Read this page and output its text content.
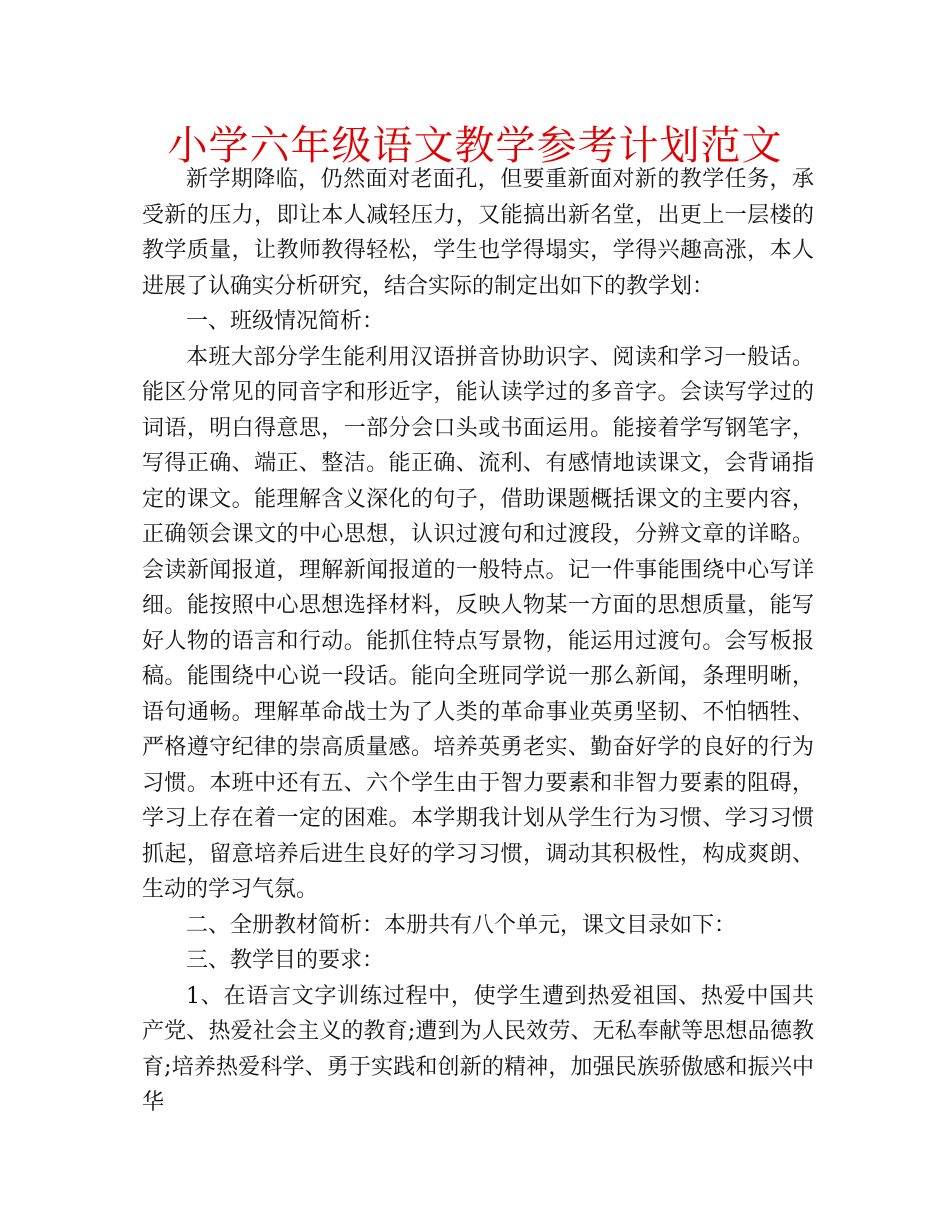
小学六年级语文教学参考计划范文

新学期降临，仍然面对老面孔，但要重新面对新的教学任务，承受新的压力，即让本人减轻压力，又能搞出新名堂，出更上一层楼的教学质量，让教师教得轻松，学生也学得塌实，学得兴趣高涨，本人进展了认确实分析研究，结合实际的制定出如下的教学划：

一、班级情况简析：

本班大部分学生能利用汉语拼音协助识字、阅读和学习一般话。能区分常见的同音字和形近字，能认读学过的多音字。会读写学过的词语，明白得意思，一部分会口头或书面运用。能接着学写钢笔字，写得正确、端正、整洁。能正确、流利、有感情地读课文，会背诵指定的课文。能理解含义深化的句子，借助课题概括课文的主要内容，正确领会课文的中心思想，认识过渡句和过渡段，分辨文章的详略。会读新闻报道，理解新闻报道的一般特点。记一件事能围绕中心写详细。能按照中心思想选择材料，反映人物某一方面的思想质量，能写好人物的语言和行动。能抓住特点写景物，能运用过渡句。会写板报稿。能围绕中心说一段话。能向全班同学说一那么新闻，条理明晰，语句通畅。理解革命战士为了人类的革命事业英勇坚韧、不怕牺牲、严格遵守纪律的崇高质量感。培养英勇老实、勤奋好学的良好的行为习惯。本班中还有五、六个学生由于智力要素和非智力要素的阻碍，学习上存在着一定的困难。本学期我计划从学生行为习惯、学习习惯抓起，留意培养后进生良好的学习习惯，调动其积极性，构成爽朗、生动的学习气氛。

二、全册教材简析：本册共有八个单元，课文目录如下：

三、教学目的要求：

1、在语言文字训练过程中，使学生遭到热爱祖国、热爱中国共产党、热爱社会主义的教育;遭到为人民效劳、无私奉献等思想品德教育;培养热爱科学、勇于实践和创新的精神，加强民族骄傲感和振兴中华
